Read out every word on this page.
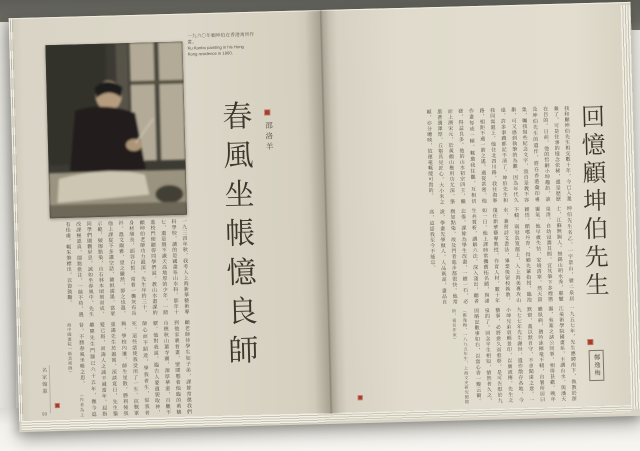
一九六〇年顧坤伯在香港寓所作畫。
Ku Kunbo painting in his Hong
Kong residence in 1960.
春風坐帳憶良師 邵洛羊
一九三四年秋，我考入上海新華藝術專科學校，讀的是國畫系山水科。那年十七，還是個不識天高地厚的少年，一踏進校門便聽得同學們說，教山水畫課的顧坤伯老師功力最深。先生年約三十，身材頎長，面容白皙，常着一襲灰布長衫，溫文爾雅，望之儼然，即之也溫。他上課從不多講空話，鋪紙濡墨，當眾示範，皴擦點染，山石林木頃刻而成，同學們圍觀屏息，誠如坐春風中。先生改課極認真，圈點批注，一絲不苟，遇有佳處，輒朱筆標出，以資鼓勵。
顧老師待學生如子弟，課餘常邀我們到他家裏看畫，壁間懸着他臨的黃鶴山樵秋山蕭寺圖，渾厚華滋，百觀不厭。他對我說，臨古人要遺貌取神，師心而不蹈迹，學我者生，似我者死，這些話使我受用了一生。抗戰軍興，學校內遷，師生星散，勝利後我重謁先生於滬寓，深談竟日，先生鬚髮已斑，而誨人之誠不減當年。屈指離開先生門牆已六十五年，撫今追昔，不勝春風坐帳之思。 （作者為上海中國畫院一級美術師）
名家翰墨
93
回憶顧坤伯先生
鄭逸梅
我和顧坤伯先生相交數十年，今已入耄耋了，可是往事的憶念依稀，還是歷歷在目的。日前，他的哲嗣小坤趨訪，談及坤伯先生的遺作，將在香港彙印專集，囑我寫些紀念文字，我自是義不容辭，可又感到執筆的為難，因為年代久遠，許多事蹟都記不清了。坤伯先生和我同寓滬上，他住北四川路，我住海寧路，相距不過一箭之遙，過從甚密。他作畫每成一幀，輒邀我往觀，互相切磋，得益良多。他的山水初宗四王，繼而上溯宋元，於黃鶴山樵用功尤深，筆墨蒼潤渾厚，丘壑具見匠心，大小米之顛，亦分嚰映，故運毫輒能可貴的。
坤伯先生名乙，一字景山，號二泉居士，江蘇無錫人。無錫山明水秀，惠麓泉清，自幼浸潤其間，宜其筆下多煙巒靈氣。他早歲失怙，家境清寒，然天資穎悟，酷嗜丹青，得鄉先輩指授，臨池不輟。弱冠負笈滬上，入上海美專攻山水，兼習詩文書法，畢業後留校執教，復任新華藝專教授，作育人材，數十年如一日。他上課時常攜舊拓名蹟，與諸生共賞析，講解六法，深入淺出，聽者忘倦。課餘為學生改畫，一樹一石，必親加點染，故及門者進步都很快。他常說，學畫先學做人，人品既高，畫品自高，這話我至今不能忘。
一九五七年，先生應聘南下，執教於浙江美術學院國畫系，主講山水，與潘天壽、吳茀之諸公同事，相得甚歡。晚年雖臥病，猶吟詠揮毫不輟，自署所居曰默齋，蓋以默自守、不求聞達之意。一九七七年先生謝世，遺作散存各地，今小坤兄弟裒輯景印，以廣流傳，先生之藝事，必將愈久而愈彰，是可告慰於九泉的了。回念平生相知，愴然者久之，因略記數事如右，以當心香一瓣云爾。 （鄭逸梅，一八九五年生，上海文史研究館館員，畏名作家）
